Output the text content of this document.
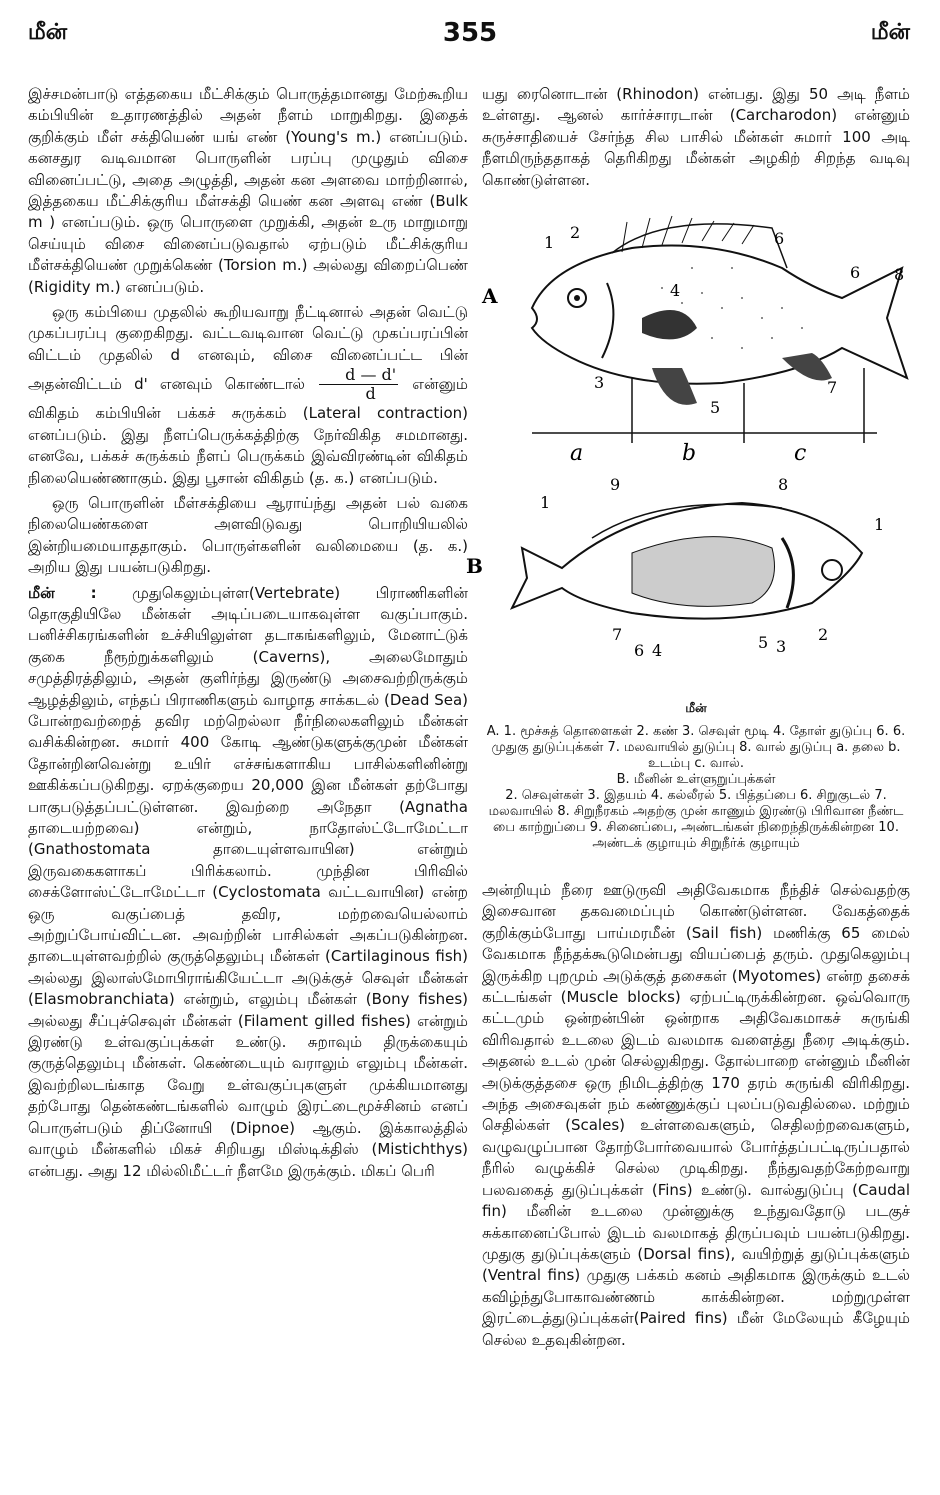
மீன்	355	மீன்

இச்சமன்பாடு எத்தகைய மீட்சிக்கும் பொருத்தமானது மேற்கூறிய கம்பியின் உதாரணத்தில் அதன் நீளம் மாறுகிறது. இதைக் குறிக்கும் மீள் சக்தியெண் யங் எண் (Young's m.) எனப்படும். கனசதுர வடிவமான பொருளின் பரப்பு முழுதும் விசை வினைப்பட்டு, அதை அழுத்தி, அதன் கன அளவை மாற்றினால், இத்தகைய மீட்சிக்குரிய மீள்சக்தி யெண் கன அளவு எண் (Bulk m ) எனப்படும். ஒரு பொருளை முறுக்கி, அதன் உரு மாறுமாறு செய்யும் விசை வினைப்படுவதால் ஏற்படும் மீட்சிக்குரிய மீள்சக்தியெண் முறுக்கெண் (Torsion m.) அல்லது விறைப்பெண் (Rigidity m.) எனப்படும்.

ஒரு கம்பியை முதலில் கூறியவாறு நீட்டினால் அதன் வெட்டு முகப்பரப்பு குறைகிறது. வட்டவடிவான வெட்டு முகப்பரப்பின் விட்டம் முதலில் d எனவும், விசை வினைப்பட்ட பின் அதன்விட்டம் d' எனவும் கொண்டால் $\frac{d — d'}{d}$ என்னும் விகிதம் கம்பியின் பக்கச் சுருக்கம் (Lateral contraction) எனப்படும். இது நீளப்பெருக்கத்திற்கு நேர்விகித சமமானது. எனவே, பக்கச் சுருக்கம் நீளப் பெருக்கம் இவ்விரண்டின் விகிதம் நிலையெண்ணாகும். இது பூசான் விகிதம் (த. க.) எனப்படும்.

ஒரு பொருளின் மீள்சக்தியை ஆராய்ந்து அதன் பல் வகை நிலையெண்களை அளவிடுவது பொறியியலில் இன்றியமையாததாகும். பொருள்களின் வலிமையை (த. க.) அறிய இது பயன்படுகிறது.

மீன் : முதுகெலும்புள்ள(Vertebrate) பிராணிகளின் தொகுதியிலே மீன்கள் அடிப்படையாகவுள்ள வகுப்பாகும். பனிச்சிகரங்களின் உச்சியிலுள்ள தடாகங்களிலும், மேனாட்டுக் குகை நீரூற்றுக்களிலும் (Caverns), அலைமோதும் சமுத்திரத்திலும், அதன் குளிர்ந்து இருண்டு அசைவற்றிருக்கும் ஆழத்திலும், எந்தப் பிராணிகளும் வாழாத சாக்கடல் (Dead Sea) போன்றவற்றைத் தவிர மற்றெல்லா நீர்நிலைகளிலும் மீன்கள் வசிக்கின்றன. சுமார் 400 கோடி ஆண்டுகளுக்குமுன் மீன்கள் தோன்றினவென்று உயிர் எச்சங்களாகிய பாசில்களினின்று ஊகிக்கப்படுகிறது. ஏறக்குறைய 20,000 இன மீன்கள் தற்போது பாகுபடுத்தப்பட்டுள்ளன. இவற்றை அநேதா (Agnatha தாடையற்றவை) என்றும், நாதோஸ்ட்டோமேட்டா (Gnathostomata தாடையுள்ளவாயின) என்றும் இருவகைகளாகப் பிரிக்கலாம். முந்தின பிரிவில் சைக்ளோஸ்ட்டோமேட்டா (Cyclostomata வட்டவாயின) என்ற ஒரு வகுப்பைத் தவிர, மற்றவையெல்லாம் அற்றுப்போய்விட்டன. அவற்றின் பாசில்கள் அகப்படுகின்றன. தாடையுள்ளவற்றில் குருத்தெலும்பு மீன்கள் (Cartilaginous fish) அல்லது இலாஸ்மோபிராங்கியேட்டா அடுக்குச் செவுள் மீன்கள் (Elasmobranchiata) என்றும், எலும்பு மீன்கள் (Bony fishes) அல்லது சீப்புச்செவுள் மீன்கள் (Filament gilled fishes) என்றும் இரண்டு உள்வகுப்புக்கள் உண்டு. சுறாவும் திருக்கையும் குருத்தெலும்பு மீன்கள். கெண்டையும் வராலும் எலும்பு மீன்கள். இவற்றிலடங்காத வேறு உள்வகுப்புகளுள் முக்கியமானது தற்போது தென்கண்டங்களில் வாழும் இரட்டைமூச்சினம் எனப் பொருள்படும் திப்னோயி (Dipnoe) ஆகும். இக்காலத்தில் வாழும் மீன்களில் மிகச் சிறியது மிஸ்டிக்திஸ் (Mistichthys) என்பது. அது 12 மில்லிமீட்டர் நீளமே இருக்கும். மிகப் பெரி

யது ரைனொடான் (Rhinodon) என்பது. இது 50 அடி நீளம் உள்ளது. ஆனல் கார்ச்சாரடான் (Carcharodon) என்னும் சுருச்சாதியைச் சேர்ந்த சில பாசில் மீன்கள் சுமார் 100 அடி நீளமிருந்ததாகத் தெரிகிறது மீன்கள் அழகிற் சிறந்த வடிவு கொண்டுள்ளன.

A
1
2	6
6 8
4
3
5
7
a	b	c
B
9	8
1
1
7
6 4	5 3
2
மீன்
A. 1. மூச்சுத் தொளைகள் 2. கண் 3. செவுள் மூடி 4. தோள் துடுப்பு 6. 6. முதுகு துடுப்புக்கள் 7. மலவாயில் துடுப்பு 8. வால் துடுப்பு a. தலை b. உடம்பு c. வால்.
B. மீனின் உள்ளுறுப்புக்கள்
2. செவுள்கள் 3. இதயம் 4. கல்லீரல் 5. பித்தப்பை 6. சிறுகுடல் 7. மலவாயில் 8. சிறுநீரகம் அதற்கு முன் காணும் இரண்டு பிரிவான நீண்ட பை காற்றுப்பை 9. சினைப்பை, அண்டங்கள் நிறைந்திருக்கின்றன 10. அண்டக் குழாயும் சிறுநீர்க் குழாயும்

அன்றியும் நீரை ஊடுருவி அதிவேகமாக நீந்திச் செல்வதற்கு இசைவான தகவமைப்பும் கொண்டுள்ளன. வேகத்தைக் குறிக்கும்போது பாய்மரமீன் (Sail fish) மணிக்கு 65 மைல் வேகமாக நீந்தக்கூடுமென்பது வியப்பைத் தரும். முதுகெலும்பு இருக்கிற புறமும் அடுக்குத் தசைகள் (Myotomes) என்ற தசைக் கட்டங்கள் (Muscle blocks) ஏற்பட்டிருக்கின்றன. ஒவ்வொரு கட்டமும் ஒன்றன்பின் ஒன்றாக அதிவேகமாகச் சுருங்கி விரிவதால் உடலை இடம் வலமாக வளைத்து நீரை அடிக்கும். அதனல் உடல் முன் செல்லுகிறது. தோல்பாறை என்னும் மீனின் அடுக்குத்தசை ஒரு நிமிடத்திற்கு 170 தரம் சுருங்கி விரிகிறது. அந்த அசைவுகள் நம் கண்ணுக்குப் புலப்படுவதில்லை. மற்றும் செதில்கள் (Scales) உள்ளவைகளும், செதிலற்றவைகளும், வழுவழுப்பான தோற்போர்வையால் போர்த்தப்பட்டிருப்பதால் நீரில் வழுக்கிச் செல்ல முடிகிறது. நீந்துவதற்கேற்றவாறு பலவகைத் துடுப்புக்கள் (Fins) உண்டு. வால்துடுப்பு (Caudal fin) மீனின் உடலை முன்னுக்கு உந்துவதோடு படகுச் சுக்கானைப்போல் இடம் வலமாகத் திருப்பவும் பயன்படுகிறது. முதுகு துடுப்புக்களும் (Dorsal fins), வயிற்றுத் துடுப்புக்களும் (Ventral fins) முதுகு பக்கம் கனம் அதிகமாக இருக்கும் உடல் கவிழ்ந்துபோகாவண்ணம் காக்கின்றன. மற்றுமுள்ள இரட்டைத்துடுப்புக்கள்(Paired fins) மீன் மேலேயும் கீழேயும் செல்ல உதவுகின்றன.
